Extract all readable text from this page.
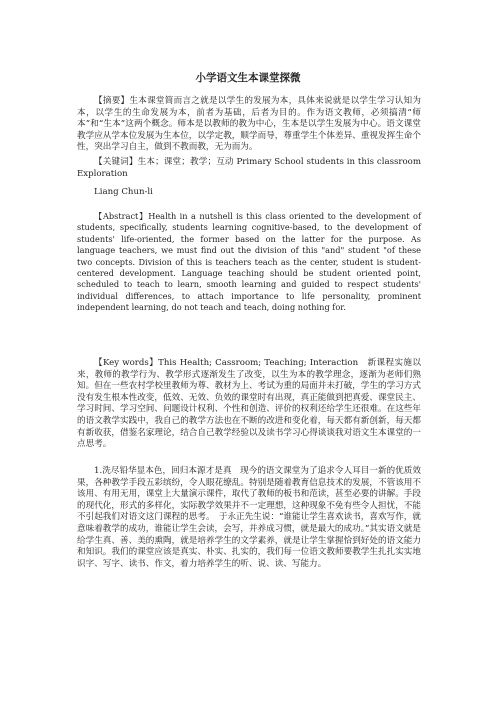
小学语文生本课堂探微
【摘要】生本课堂简而言之就是以学生的发展为本，具体来说就是以学生学习认知为本，以学生的生命发展为本，前者为基础，后者为目的。作为语文教师，必须搞清“师本”和“生本”这两个概念。师本是以教师的教为中心，生本是以学生发展为中心。语文课堂教学应从学本位发展为生本位，以学定教，顺学而导，尊重学生个体差异、重视发挥生命个性，突出学习自主，做到不教而教，无为而为。
【关键词】生本；课堂；教学；互动 Primary School students in this classroom Exploration
Liang Chun-li
【Abstract】Health in a nutshell is this class oriented to the development of students, specifically, students learning cognitive-based, to the development of students' life-oriented, the former based on the latter for the purpose. As language teachers, we must find out the division of this "and" student "of these two concepts. Division of this is teachers teach as the center, student is student-centered development. Language teaching should be student oriented point, scheduled to teach to learn, smooth learning and guided to respect students' individual differences, to attach importance to life personality, prominent independent learning, do not teach and teach, doing nothing for.
【Key words】This Health; Cassroom; Teaching; Interaction　新课程实施以来，教师的教学行为、教学形式逐渐发生了改变，以生为本的教学理念，逐渐为老师们熟知。但在一些农村学校里教师为尊、教材为上、考试为重的局面并未打破，学生的学习方式没有发生根本性改变，低效、无效、负效的课堂时有出现，真正能做到把真爱、课堂民主、学习时间、学习空间、问题设计权利、个性和创造、评价的权利还给学生还很难。在这些年的语文教学实践中，我自己的教学方法也在不断的改进和变化着，每天都有新创新，每天都有新收获，借鉴名家理论，结合自己教学经验以及读书学习心得谈谈我对语文生本课堂的一点思考。
1.洗尽铅华显本色，回归本源才是真　现今的语文课堂为了追求令人耳目一新的优质效果，各种教学手段五彩缤纷，令人眼花缭乱。特别是随着教育信息技术的发展，不管该用不该用、有用无用，课堂上大量演示课件，取代了教师的板书和范读，甚至必要的讲解。手段的现代化，形式的多样化，实际教学效果并不一定理想，这种现象不免有些令人担忧，不能不引起我们对语文这门课程的思考。　于永正先生说：“谁能让学生喜欢读书，喜欢写作，就意味着教学的成功，谁能让学生会读，会写，并养成习惯，就是最大的成功。”其实语文就是给学生真、善、美的熏陶，就是培养学生的文学素养，就是让学生掌握恰到好处的语文能力和知识。我们的课堂应该是真实、朴实、扎实的，我们每一位语文教师要教学生扎扎实实地识字、写字、读书、作文，着力培养学生的听、说、读、写能力。
